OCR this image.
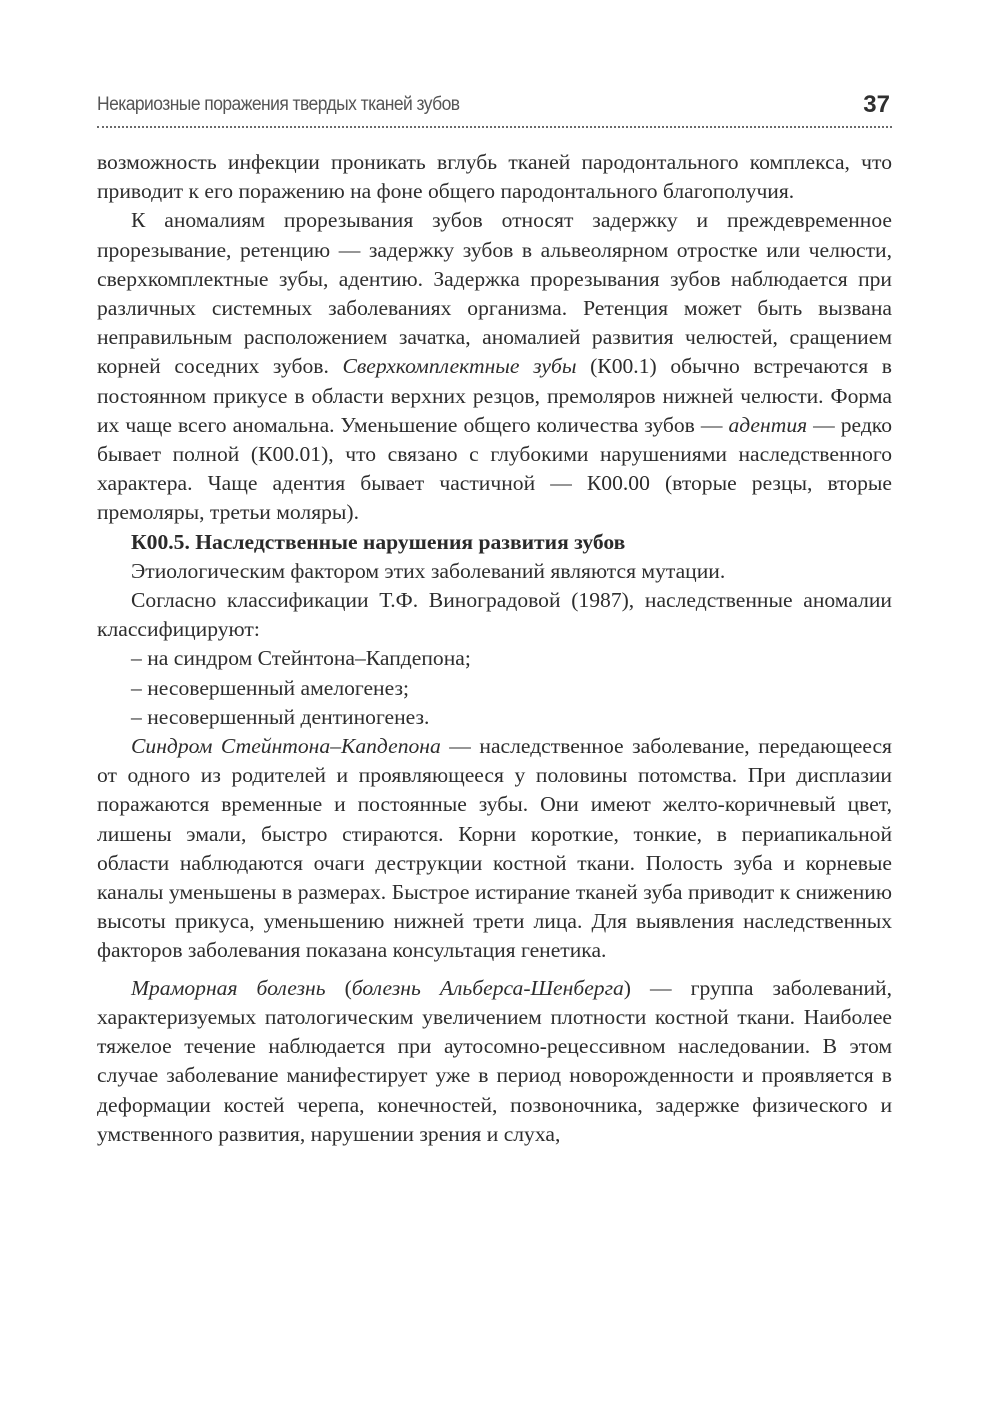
Некариозные поражения твердых тканей зубов	37

возможность инфекции проникать вглубь тканей пародонтального комплекса, что приводит к его поражению на фоне общего пародонтального благополучия.

К аномалиям прорезывания зубов относят задержку и преждевременное прорезывание, ретенцию — задержку зубов в альвеолярном отростке или челюсти, сверхкомплектные зубы, адентию. Задержка прорезывания зубов наблюдается при различных системных заболеваниях организма. Ретенция может быть вызвана неправильным расположением зачатка, аномалией развития челюстей, сращением корней соседних зубов. Сверхкомплектные зубы (К00.1) обычно встречаются в постоянном прикусе в области верхних резцов, премоляров нижней челюсти. Форма их чаще всего аномальна. Уменьшение общего количества зубов — адентия — редко бывает полной (К00.01), что связано с глубокими нарушениями наследственного характера. Чаще адентия бывает частичной — К00.00 (вторые резцы, вторые премоляры, третьи моляры).

К00.5. Наследственные нарушения развития зубов

Этиологическим фактором этих заболеваний являются мутации.

Согласно классификации Т.Ф. Виноградовой (1987), наследственные аномалии классифицируют:

– на синдром Стейнтона–Капдепона;

– несовершенный амелогенез;

– несовершенный дентиногенез.

Синдром Стейнтона–Капдепона — наследственное заболевание, передающееся от одного из родителей и проявляющееся у половины потомства. При дисплазии поражаются временные и постоянные зубы. Они имеют желто-коричневый цвет, лишены эмали, быстро стираются. Корни короткие, тонкие, в периапикальной области наблюдаются очаги деструкции костной ткани. Полость зуба и корневые каналы уменьшены в размерах. Быстрое истирание тканей зуба приводит к снижению высоты прикуса, уменьшению нижней трети лица. Для выявления наследственных факторов заболевания показана консультация генетика.

Мраморная болезнь (болезнь Альберса-Шенберга) — группа заболеваний, характеризуемых патологическим увеличением плотности костной ткани. Наиболее тяжелое течение наблюдается при аутосомно-рецессивном наследовании. В этом случае заболевание манифестирует уже в период новорожденности и проявляется в деформации костей черепа, конечностей, позвоночника, задержке физического и умственного развития, нарушении зрения и слуха,
